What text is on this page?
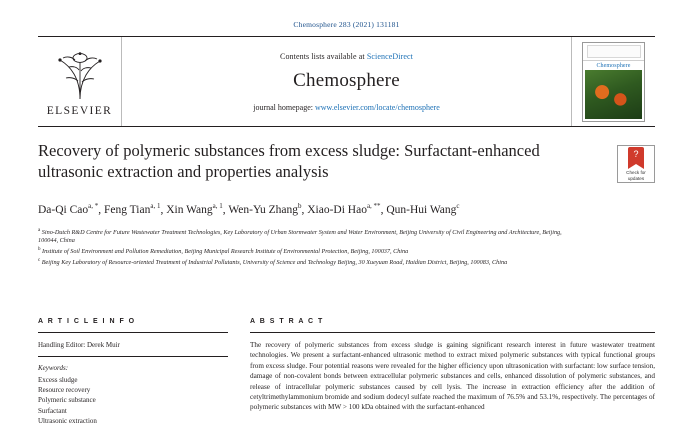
Chemosphere 283 (2021) 131181
ELSEVIER
Contents lists available at ScienceDirect
Chemosphere
journal homepage: www.elsevier.com/locate/chemosphere
Chemosphere
?
Check for
updates
Recovery of polymeric substances from excess sludge: Surfactant-enhanced ultrasonic extraction and properties analysis
Da-Qi Cao$^{a, *}$, Feng Tian$^{a, 1}$, Xin Wang$^{a, 1}$, Wen-Yu Zhang$^b$, Xiao-Di Hao$^{a, **}$, Qun-Hui Wang$^c$
$^a$ Sino-Dutch R&D Centre for Future Wastewater Treatment Technologies, Key Laboratory of Urban Stormwater System and Water Environment, Beijing University of Civil Engineering and Architecture, Beijing, 100044, China
$^b$ Institute of Soil Environment and Pollution Remediation, Beijing Municipal Research Institute of Environmental Protection, Beijing, 100037, China
$^c$ Beijing Key Laboratory of Resource-oriented Treatment of Industrial Pollutants, University of Science and Technology Beijing, 30 Xueyuan Road, Haidian District, Beijing, 100083, China
A R T I C L E I N F O
Handling Editor: Derek Muir
Keywords:
Excess sludge
Resource recovery
Polymeric substance
Surfactant
Ultrasonic extraction
A B S T R A C T
The recovery of polymeric substances from excess sludge is gaining significant research interest in future wastewater treatment technologies. We present a surfactant-enhanced ultrasonic method to extract mixed polymeric substances with typical functional groups from excess sludge. Four potential reasons were revealed for the higher efficiency upon ultrasonication with surfactant: low surface tension, damage of non-covalent bonds between extracellular polymeric substances and cells, enhanced dissolution of polymeric substances, and release of intracellular polymeric substances caused by cell lysis. The increase in extraction efficiency after the addition of cetyltrimethylammonium bromide and sodium dodecyl sulfate reached the maximum of 76.5% and 53.1%, respectively. The percentages of polymeric substances with MW > 100 kDa obtained with the surfactant-enhanced
